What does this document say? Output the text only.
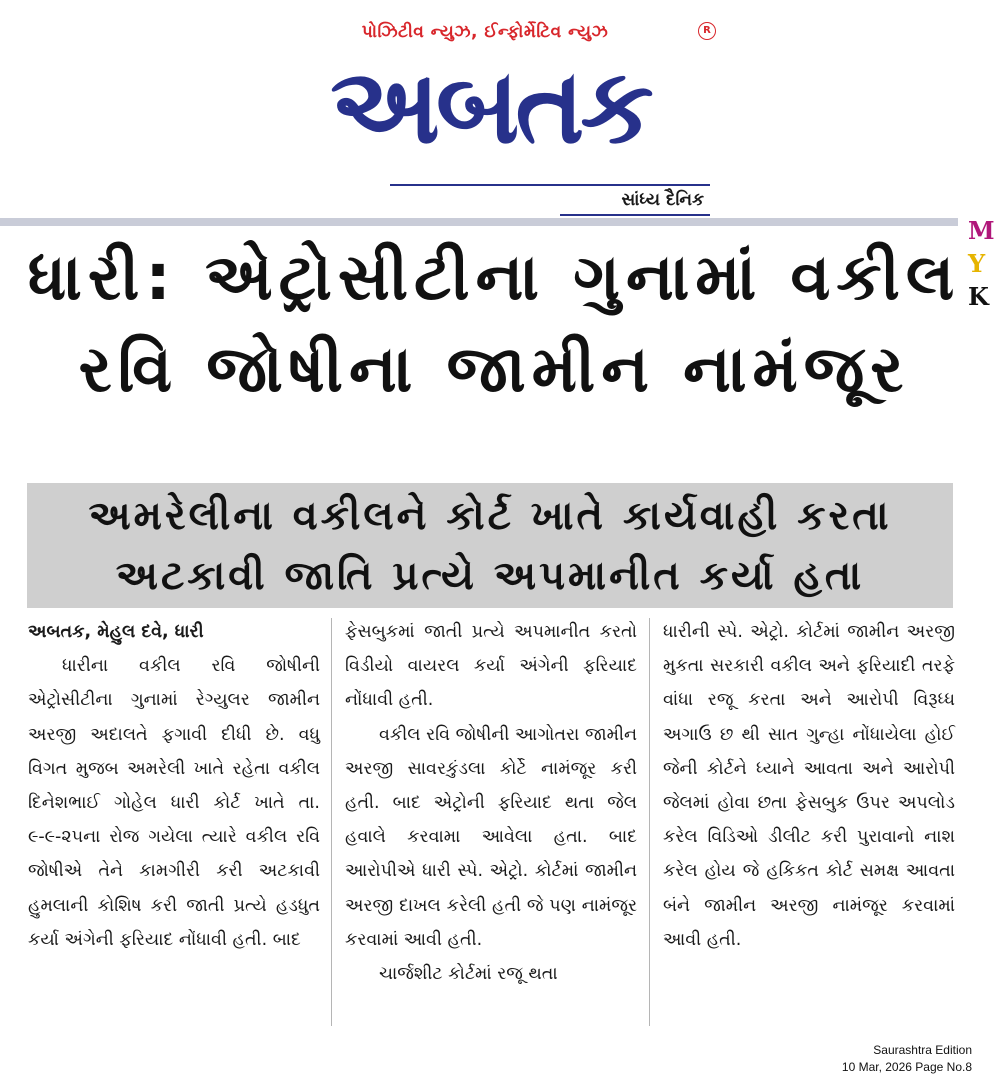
પોઝિટીવ ન્યુઝ, ઈન્ફોર્મેટિવ ન્યુઝ	R
અબતક
સાંધ્ય દૈનિક
M
Y
K
ધારી: એટ્રોસીટીના ગુનામાં વકીલ
રવિ જોષીના જામીન નામંજૂર
અમરેલીના વકીલને કોર્ટ ખાતે કાર્યવાહી કરતા
અટકાવી જાતિ પ્રત્યે અપમાનીત કર્યા હતા

અબતક, મેહુલ દવે, ધારી

ધારીના વકીલ રવિ જોષીની એટ્રોસીટીના ગુનામાં રેગ્યુલર જામીન અરજી અદાલતે ફગાવી દીધી છે. વધુ વિગત મુજબ અમરેલી ખાતે રહેતા વકીલ દિનેશભાઈ ગોહેલ ધારી કોર્ટ ખાતે તા. ૯-૯-૨૫ના રોજ ગયેલા ત્યારે વકીલ રવિ જોષીએ તેને કામગીરી કરી અટકાવી હુમલાની કોશિષ કરી જાતી પ્રત્યે હડધુત કર્યા અંગેની ફરિયાદ નોંધાવી હતી. બાદ

ફેસબુકમાં જાતી પ્રત્યે અપમાનીત કરતો વિડીયો વાયરલ કર્યા અંગેની ફરિયાદ નોંધાવી હતી.

વકીલ રવિ જોષીની આગોતરા જામીન અરજી સાવરકુંડલા કોર્ટે નામંજૂર કરી હતી. બાદ એટ્રોની ફરિયાદ થતા જેલ હવાલે કરવામા આવેલા હતા. બાદ આરોપીએ ધારી સ્પે. એટ્રો. કોર્ટમાં જામીન અરજી દાખલ કરેલી હતી જે પણ નામંજૂર કરવામાં આવી હતી.

ચાર્જશીટ કોર્ટમાં રજૂ થતા

ધારીની સ્પે. એટ્રો. કોર્ટમાં જામીન અરજી મુકતા સરકારી વકીલ અને ફરિયાદી તરફે વાંધા રજૂ કરતા અને આરોપી વિરૂધ્ધ અગાઉ છ થી સાત ગુન્હા નોંધાયેલા હોઈ જેની કોર્ટને ધ્યાને આવતા અને આરોપી જેલમાં હોવા છતા ફેસબુક ઉપર અપલોડ કરેલ વિડિઓ ડીલીટ કરી પુરાવાનો નાશ કરેલ હોય જે હકિકત કોર્ટ સમક્ષ આવતા બંને જામીન અરજી નામંજૂર કરવામાં આવી હતી.

Saurashtra Edition
10 Mar, 2026 Page No.8
